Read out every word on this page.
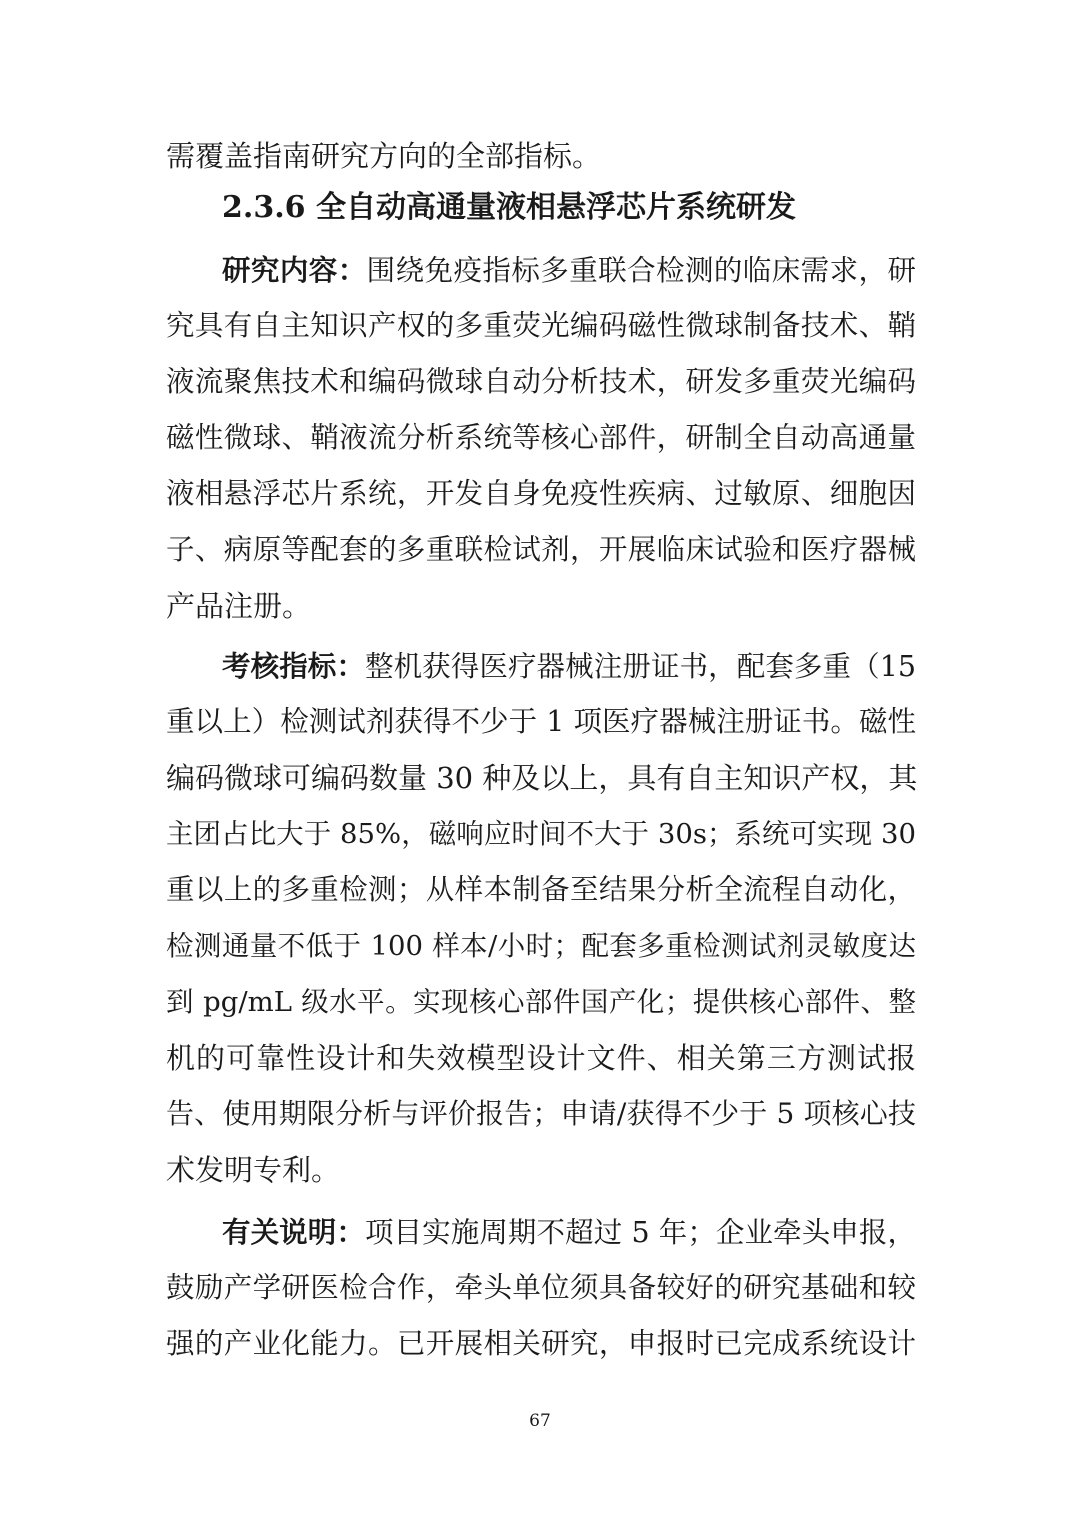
需覆盖指南研究方向的全部指标。
2.3.6 全自动高通量液相悬浮芯片系统研发
研究内容：围绕免疫指标多重联合检测的临床需求，研
究具有自主知识产权的多重荧光编码磁性微球制备技术、鞘
液流聚焦技术和编码微球自动分析技术，研发多重荧光编码
磁性微球、鞘液流分析系统等核心部件，研制全自动高通量
液相悬浮芯片系统，开发自身免疫性疾病、过敏原、细胞因
子、病原等配套的多重联检试剂，开展临床试验和医疗器械
产品注册。
考核指标：整机获得医疗器械注册证书，配套多重（15
重以上）检测试剂获得不少于 1 项医疗器械注册证书。磁性
编码微球可编码数量 30 种及以上，具有自主知识产权，其
主团占比大于 85%，磁响应时间不大于 30s；系统可实现 30
重以上的多重检测；从样本制备至结果分析全流程自动化，
检测通量不低于 100 样本/小时；配套多重检测试剂灵敏度达
到 pg/mL 级水平。实现核心部件国产化；提供核心部件、整
机的可靠性设计和失效模型设计文件、相关第三方测试报
告、使用期限分析与评价报告；申请/获得不少于 5 项核心技
术发明专利。
有关说明：项目实施周期不超过 5 年；企业牵头申报，
鼓励产学研医检合作，牵头单位须具备较好的研究基础和较
强的产业化能力。已开展相关研究，申报时已完成系统设计
67
